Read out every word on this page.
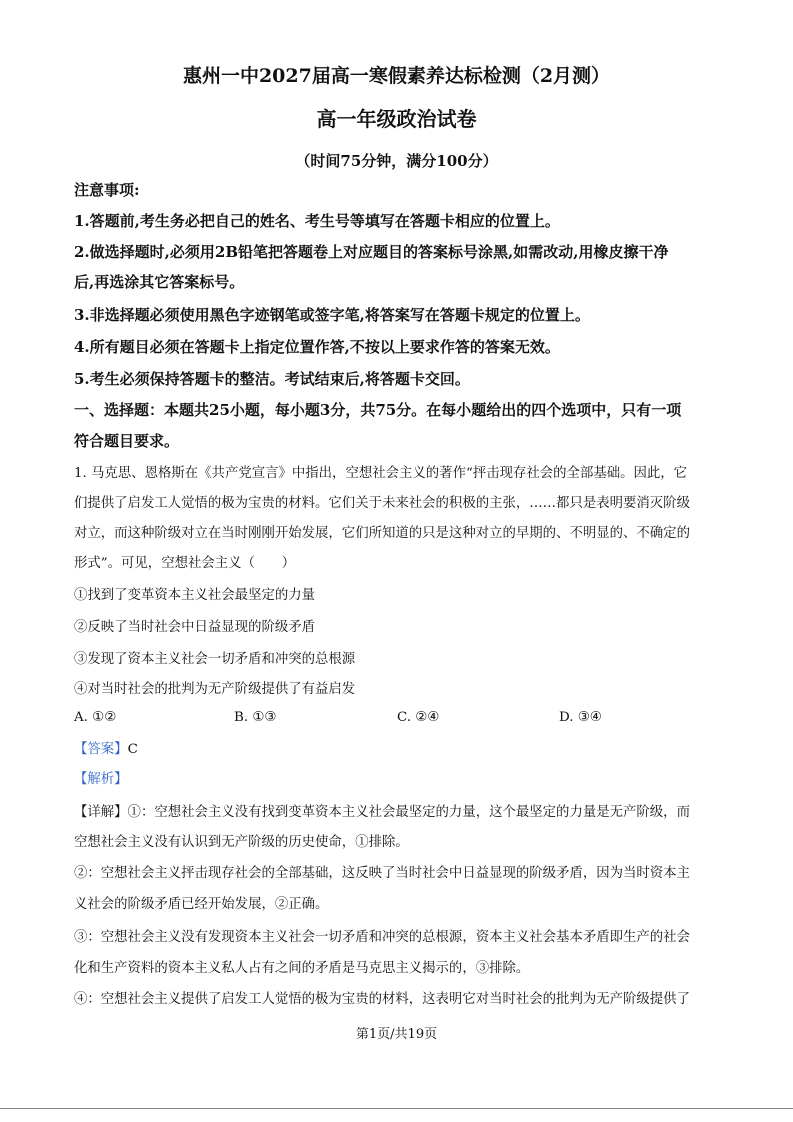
惠州一中2027届高一寒假素养达标检测（2月测）
高一年级政治试卷
（时间75分钟，满分100分）
注意事项:
1.答题前,考生务必把自己的姓名、考生号等填写在答题卡相应的位置上。
2.做选择题时,必须用2B铅笔把答题卷上对应题目的答案标号涂黑,如需改动,用橡皮擦干净
后,再选涂其它答案标号。
3.非选择题必须使用黑色字迹钢笔或签字笔,将答案写在答题卡规定的位置上。
4.所有题目必须在答题卡上指定位置作答,不按以上要求作答的答案无效。
5.考生必须保持答题卡的整洁。考试结束后,将答题卡交回。
一、选择题：本题共25小题，每小题3分，共75分。在每小题给出的四个选项中，只有一项
符合题目要求。
1. 马克思、恩格斯在《共产党宣言》中指出，空想社会主义的著作“抨击现存社会的全部基础。因此，它
们提供了启发工人觉悟的极为宝贵的材料。它们关于未来社会的积极的主张，……都只是表明要消灭阶级
对立，而这种阶级对立在当时刚刚开始发展，它们所知道的只是这种对立的早期的、不明显的、不确定的
形式”。可见，空想社会主义（　　）
①找到了变革资本主义社会最坚定的力量
②反映了当时社会中日益显现的阶级矛盾
③发现了资本主义社会一切矛盾和冲突的总根源
④对当时社会的批判为无产阶级提供了有益启发
A. ①②	B. ①③	C. ②④	D. ③④
【答案】C
【解析】
【详解】①：空想社会主义没有找到变革资本主义社会最坚定的力量，这个最坚定的力量是无产阶级，而
空想社会主义没有认识到无产阶级的历史使命，①排除。
②：空想社会主义抨击现存社会的全部基础，这反映了当时社会中日益显现的阶级矛盾，因为当时资本主
义社会的阶级矛盾已经开始发展，②正确。
③：空想社会主义没有发现资本主义社会一切矛盾和冲突的总根源，资本主义社会基本矛盾即生产的社会
化和生产资料的资本主义私人占有之间的矛盾是马克思主义揭示的，③排除。
④：空想社会主义提供了启发工人觉悟的极为宝贵的材料，这表明它对当时社会的批判为无产阶级提供了
第1页/共19页
